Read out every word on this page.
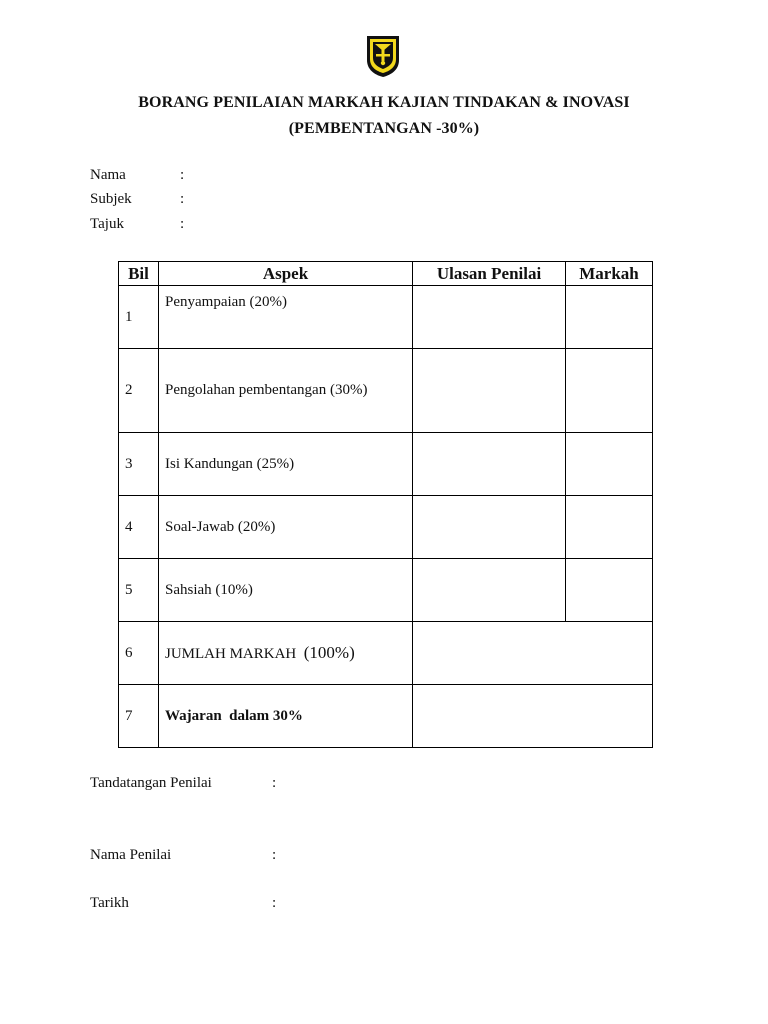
BORANG PENILAIAN MARKAH KAJIAN TINDAKAN & INOVASI
(PEMBENTANGAN -30%)
Nama	:
Subjek	:
Tajuk	:
Bil	Aspek	Ulasan Penilai	Markah
1	Penyampaian (20%)		
2	Pengolahan pembentangan (30%)		
3	Isi Kandungan (25%)		
4	Soal-Jawab (20%)		
5	Sahsiah (10%)		
6	JUMLAH MARKAH (100%)		
7	Wajaran  dalam 30%		
Tandatangan Penilai	:
Nama Penilai	:
Tarikh	:
